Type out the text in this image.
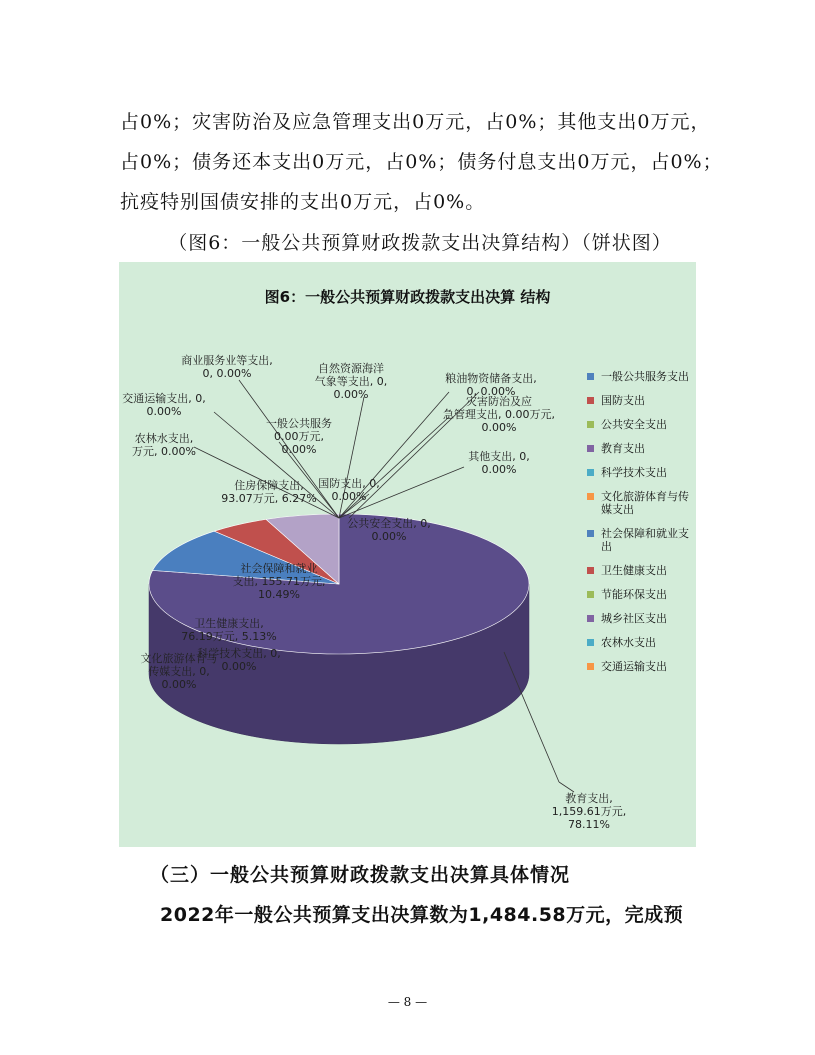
占0%；灾害防治及应急管理支出0万元，占0%；其他支出0万元，
占0%；债务还本支出0万元，占0%；债务付息支出0万元，占0%；
抗疫特别国债安排的支出0万元，占0%。
（图6：一般公共预算财政拨款支出决算结构）（饼状图）
图6：一般公共预算财政拨款支出决算 结构
教育支出, 1,159.61万元, 78.11%
社会保障和就业支出, 155.71万元, 10.49%
卫生健康支出, 76.19万元, 5.13%
住房保障支出, 93.07万元, 6.27%
商业服务业等支出, 0, 0.00%	自然资源海洋气象等支出, 0, 0.00%
交通运输支出, 0, 0.00%
农林水支出,万元, 0.00%
一般公共服务 0.00万元, 0.00%
粮油物资储备支出, 0, 0.00%
灾害防治及应急管理支出, 0.00万元, 0.00%
其他支出, 0, 0.00%
国防支出, 0, 0.00%
公共安全支出, 0, 0.00%
文化旅游体育与传媒支出, 0, 0.00%
科学技术支出, 0, 0.00%
一般公共服务支出
国防支出
公共安全支出
教育支出
科学技术支出
文化旅游体育与传媒支出
社会保障和就业支出
卫生健康支出
节能环保支出
城乡社区支出
农林水支出
交通运输支出
（三）一般公共预算财政拨款支出决算具体情况
2022年一般公共预算支出决算数为1,484.58万元，完成预
— 8 —
